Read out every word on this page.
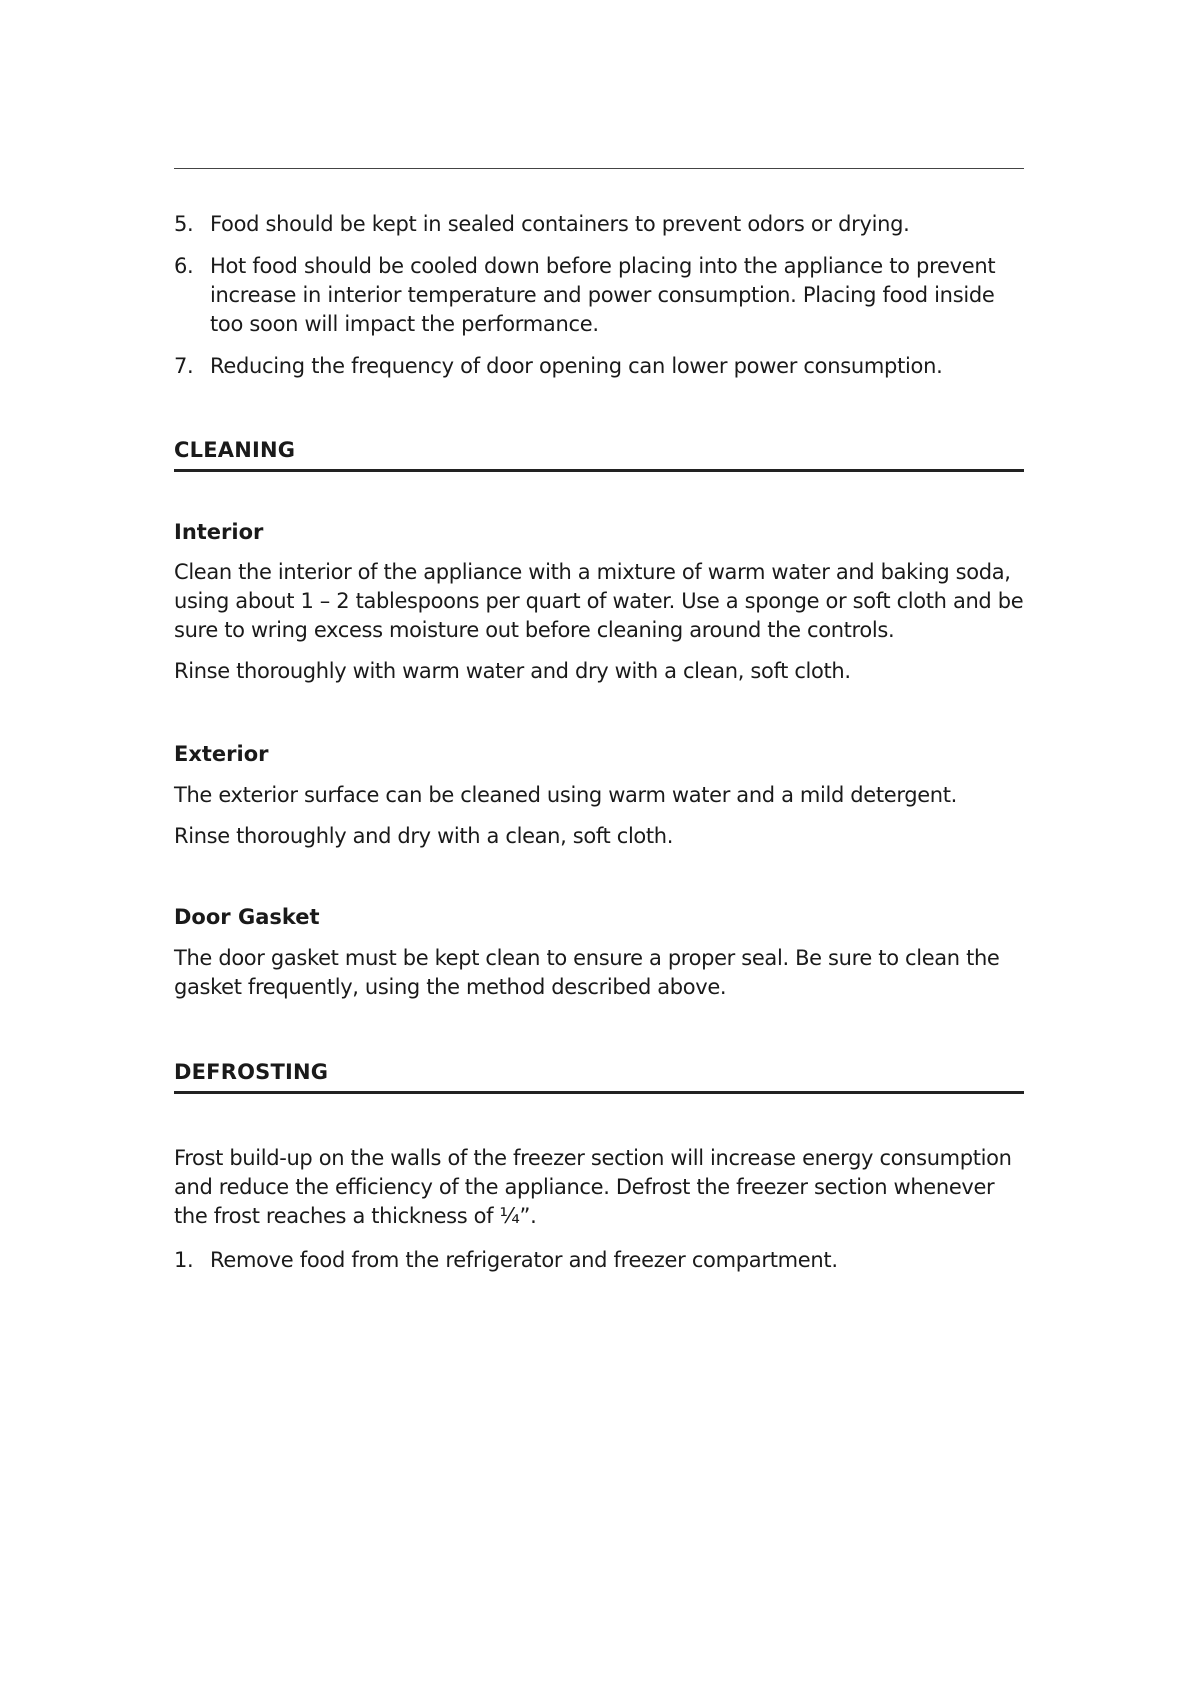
5. Food should be kept in sealed containers to prevent odors or drying.
6. Hot food should be cooled down before placing into the appliance to prevent increase in interior temperature and power consumption. Placing food inside too soon will impact the performance.
7. Reducing the frequency of door opening can lower power consumption.
CLEANING
Interior

Clean the interior of the appliance with a mixture of warm water and baking soda, using about 1 – 2 tablespoons per quart of water. Use a sponge or soft cloth and be sure to wring excess moisture out before cleaning around the controls.

Rinse thoroughly with warm water and dry with a clean, soft cloth.

Exterior

The exterior surface can be cleaned using warm water and a mild detergent.

Rinse thoroughly and dry with a clean, soft cloth.

Door Gasket

The door gasket must be kept clean to ensure a proper seal. Be sure to clean the gasket frequently, using the method described above.

DEFROSTING

Frost build-up on the walls of the freezer section will increase energy consumption and reduce the efficiency of the appliance. Defrost the freezer section whenever the frost reaches a thickness of ¼”.

1. Remove food from the refrigerator and freezer compartment.
